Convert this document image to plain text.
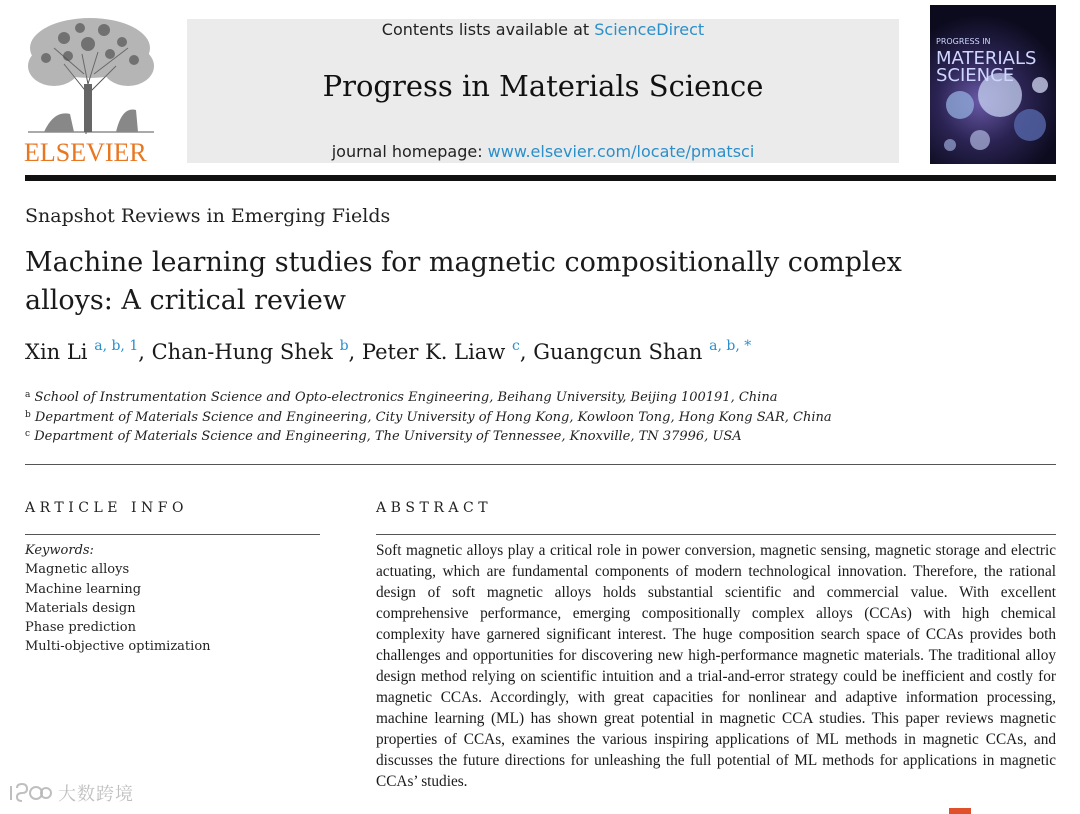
ELSEVIER
Contents lists available at ScienceDirect
Progress in Materials Science
journal homepage: www.elsevier.com/locate/pmatsci
PROGRESS IN
MATERIALS
SCIENCE
Snapshot Reviews in Emerging Fields
Machine learning studies for magnetic compositionally complex
alloys: A critical review
Xin Li $^{a, b, 1}$, Chan-Hung Shek $^b$, Peter K. Liaw $^c$, Guangcun Shan $^{a, b, *}$
$^a$ School of Instrumentation Science and Opto-electronics Engineering, Beihang University, Beijing 100191, China
$^b$ Department of Materials Science and Engineering, City University of Hong Kong, Kowloon Tong, Hong Kong SAR, China
$^c$ Department of Materials Science and Engineering, The University of Tennessee, Knoxville, TN 37996, USA
ARTICLE INFO
Keywords:
Magnetic alloys
Machine learning
Materials design
Phase prediction
Multi-objective optimization
ABSTRACT
Soft magnetic alloys play a critical role in power conversion, magnetic sensing, magnetic storage and electric actuating, which are fundamental components of modern technological innovation. Therefore, the rational design of soft magnetic alloys holds substantial scientific and commercial value. With excellent comprehensive performance, emerging compositionally complex alloys (CCAs) with high chemical complexity have garnered significant interest. The huge composition search space of CCAs provides both challenges and opportunities for discovering new high-performance magnetic materials. The traditional alloy design method relying on scientific intuition and a trial-and-error strategy could be inefficient and costly for magnetic CCAs. Accordingly, with great capacities for nonlinear and adaptive information processing, machine learning (ML) has shown great potential in magnetic CCA studies. This paper reviews magnetic properties of CCAs, examines the various inspiring applications of ML methods in magnetic CCAs, and discusses the future directions for unleashing the full potential of ML methods for applications in magnetic CCAs’ studies.
大数跨境
